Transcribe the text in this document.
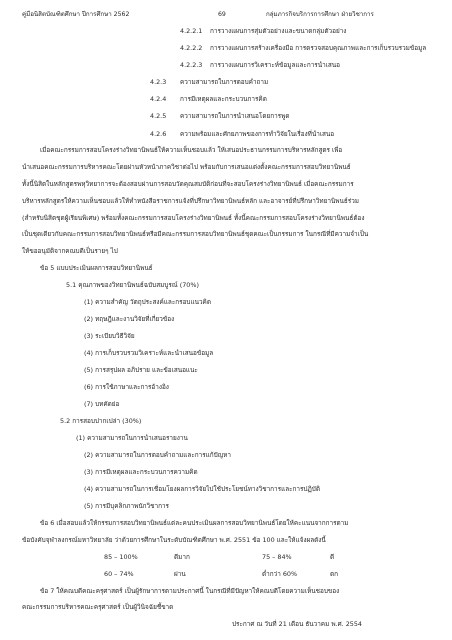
คู่มือนิสิตบัณฑิตศึกษา ปีการศึกษา 2562	69	กลุ่มภารกิจบริการการศึกษา ฝ่ายวิชาการ
4.2.2.1 การวางแผนการสุ่มตัวอย่างและขนาดกลุ่มตัวอย่าง
4.2.2.2 การวางแผนการสร้างเครื่องมือ การตรวจสอบคุณภาพและการเก็บรวบรวมข้อมูล
4.2.2.3 การวางแผนการวิเคราะห์ข้อมูลและการนำเสนอ
4.2.3 ความสามารถในการตอบคำถาม
4.2.4 การมีเหตุผลและกระบวนการคิด
4.2.5 ความสามารถในการนำเสนอโดยการพูด
4.2.6 ความพร้อมและศักยภาพของการทำวิจัยในเรื่องที่นำเสนอ
เมื่อคณะกรรมการสอบโครงร่างวิทยานิพนธ์ให้ความเห็นชอบแล้ว ให้เสนอประธานกรรมการบริหารหลักสูตร เพื่อ
นำเสนอคณะกรรมการบริหารคณะโดยผ่านหัวหน้าภาควิชาต่อไป พร้อมกับการเสนอแต่งตั้งคณะกรรมการสอบวิทยานิพนธ์
ทั้งนี้นิสิตในหลักสูตรพหุวิทยาการจะต้องสอบผ่านการสอบวัดคุณสมบัติก่อนที่จะสอบโครงร่างวิทยานิพนธ์ เมื่อคณะกรรมการ
บริหารหลักสูตรให้ความเห็นชอบแล้วให้ทำหนังสือราชการแจ้งที่ปรึกษาวิทยานิพนธ์หลัก และอาจารย์ที่ปรึกษาวิทยานิพนธ์ร่วม
(สำหรับนิสิตชุดผู้เรียนพิเศษ) พร้อมทั้งคณะกรรมการสอบโครงร่างวิทยานิพนธ์ ทั้งนี้คณะกรรมการสอบโครงร่างวิทยานิพนธ์ต้อง
เป็นชุดเดียวกับคณะกรรมการสอบวิทยานิพนธ์หรือมีคณะกรรมการสอบวิทยานิพนธ์ชุดคณะเป็นกรรมการ ในกรณีที่มีความจำเป็น
ให้ขออนุมัติจากคณบดีเป็นรายๆ ไป
ข้อ 5 แบบประเมินผลการสอบวิทยานิพนธ์
5.1 คุณภาพของวิทยานิพนธ์ฉบับสมบูรณ์ (70%)
(1) ความสำคัญ วัตถุประสงค์และกรอบแนวคิด
(2) ทฤษฎีและงานวิจัยที่เกี่ยวข้อง
(3) ระเบียบวิธีวิจัย
(4) การเก็บรวบรวมวิเคราะห์และนำเสนอข้อมูล
(5) การสรุปผล อภิปราย และข้อเสนอแนะ
(6) การใช้ภาษาและการอ้างอิง
(7) บทคัดย่อ
5.2 การสอบปากเปล่า (30%)
(1) ความสามารถในการนำเสนอรายงาน
(2) ความสามารถในการตอบคำถามและการแก้ปัญหา
(3) การมีเหตุผลและกระบวนการความคิด
(4) ความสามารถในการเชื่อมโยงผลการวิจัยไปใช้ประโยชน์ทางวิชาการและการปฏิบัติ
(5) การมีบุคลิกภาพนักวิชาการ
ข้อ 6 เมื่อสอบแล้วให้กรรมการสอบวิทยานิพนธ์แต่ละคนประเมินผลการสอบวิทยานิพนธ์โดยให้คะแนนจากการตาม
ข้อบังคับจุฬาลงกรณ์มหาวิทยาลัย ว่าด้วยการศึกษาในระดับบัณฑิตศึกษา พ.ศ. 2551 ข้อ 100 และให้แจ้งผลดังนี้
85 – 100%	ดีมาก	75 – 84%	ดี
60 – 74%	ผ่าน	ต่ำกว่า 60%	ตก
ข้อ 7 ให้คณบดีคณะครุศาสตร์ เป็นผู้รักษาการตามประกาศนี้ ในกรณีที่มีปัญหาให้คณบดีโดยความเห็นชอบของ
คณะกรรมการบริหารคณะครุศาสตร์ เป็นผู้วินิจฉัยชี้ขาด
ประกาศ ณ วันที่ 21 เดือน ธันวาคม พ.ศ. 2554
